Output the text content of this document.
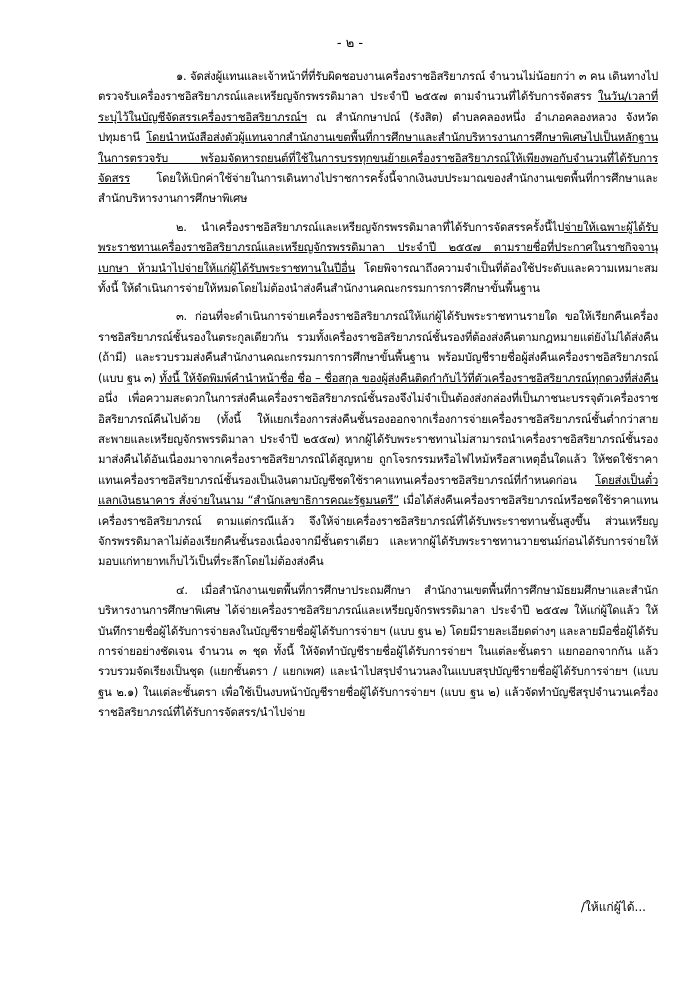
- ๒ -

๑. จัดส่งผู้แทนและเจ้าหน้าที่ที่รับผิดชอบงานเครื่องราชอิสริยาภรณ์ จำนวนไม่น้อยกว่า ๓ คน เดินทางไปตรวจรับเครื่องราชอิสริยาภรณ์และเหรียญจักรพรรดิมาลา ประจำปี ๒๕๕๗ ตามจำนวนที่ได้รับการจัดสรร ในวัน/เวลาที่ระบุไว้ในบัญชีจัดสรรเครื่องราชอิสริยาภรณ์ฯ ณ สำนักกษาปณ์ (รังสิต) ตำบลคลองหนึ่ง อำเภอคลองหลวง จังหวัดปทุมธานี โดยนำหนังสือส่งตัวผู้แทนจากสำนักงานเขตพื้นที่การศึกษาและสำนักบริหารงานการศึกษาพิเศษไปเป็นหลักฐานในการตรวจรับ พร้อมจัดหารถยนต์ที่ใช้ในการบรรทุกขนย้ายเครื่องราชอิสริยาภรณ์ให้เพียงพอกับจำนวนที่ได้รับการจัดสรร โดยให้เบิกค่าใช้จ่ายในการเดินทางไปราชการครั้งนี้จากเงินงบประมาณของสำนักงานเขตพื้นที่การศึกษาและสำนักบริหารงานการศึกษาพิเศษ

๒. นำเครื่องราชอิสริยาภรณ์และเหรียญจักรพรรดิมาลาที่ได้รับการจัดสรรครั้งนี้ไปจ่ายให้เฉพาะผู้ได้รับพระราชทานเครื่องราชอิสริยาภรณ์และเหรียญจักรพรรดิมาลา ประจำปี ๒๕๕๗ ตามรายชื่อที่ประกาศในราชกิจจานุเบกษา ห้ามนำไปจ่ายให้แก่ผู้ได้รับพระราชทานในปีอื่น โดยพิจารณาถึงความจำเป็นที่ต้องใช้ประดับและความเหมาะสม ทั้งนี้ ให้ดำเนินการจ่ายให้หมดโดยไม่ต้องนำส่งคืนสำนักงานคณะกรรมการการศึกษาขั้นพื้นฐาน

๓. ก่อนที่จะดำเนินการจ่ายเครื่องราชอิสริยาภรณ์ให้แก่ผู้ได้รับพระราชทานรายใด ขอให้เรียกคืนเครื่องราชอิสริยาภรณ์ชั้นรองในตระกูลเดียวกัน รวมทั้งเครื่องราชอิสริยาภรณ์ชั้นรองที่ต้องส่งคืนตามกฎหมายแต่ยังไม่ได้ส่งคืน (ถ้ามี) และรวบรวมส่งคืนสำนักงานคณะกรรมการการศึกษาขั้นพื้นฐาน พร้อมบัญชีรายชื่อผู้ส่งคืนเครื่องราชอิสริยาภรณ์ (แบบ ฐน ๓) ทั้งนี้ ให้จัดพิมพ์คำนำหน้าชื่อ ชื่อ – ชื่อสกุล ของผู้ส่งคืนติดกำกับไว้ที่ตัวเครื่องราชอิสริยาภรณ์ทุกดวงที่ส่งคืน อนึ่ง เพื่อความสะดวกในการส่งคืนเครื่องราชอิสริยาภรณ์ชั้นรองจึงไม่จำเป็นต้องส่งกล่องที่เป็นภาชนะบรรจุตัวเครื่องราชอิสริยาภรณ์คืนไปด้วย (ทั้งนี้ ให้แยกเรื่องการส่งคืนชั้นรองออกจากเรื่องการจ่ายเครื่องราชอิสริยาภรณ์ชั้นต่ำกว่าสายสะพายและเหรียญจักรพรรดิมาลา ประจำปี ๒๕๕๗) หากผู้ได้รับพระราชทานไม่สามารถนำเครื่องราชอิสริยาภรณ์ชั้นรองมาส่งคืนได้อันเนื่องมาจากเครื่องราชอิสริยาภรณ์ได้สูญหาย ถูกโจรกรรมหรือไฟไหม้หรือสาเหตุอื่นใดแล้ว ให้ชดใช้ราคาแทนเครื่องราชอิสริยาภรณ์ชั้นรองเป็นเงินตามบัญชีชดใช้ราคาแทนเครื่องราชอิสริยาภรณ์ที่กำหนดก่อน โดยส่งเป็นตั๋วแลกเงินธนาคาร สั่งจ่ายในนาม “สำนักเลขาธิการคณะรัฐมนตรี” เมื่อได้ส่งคืนเครื่องราชอิสริยาภรณ์หรือชดใช้ราคาแทนเครื่องราชอิสริยาภรณ์ ตามแต่กรณีแล้ว จึงให้จ่ายเครื่องราชอิสริยาภรณ์ที่ได้รับพระราชทานชั้นสูงขึ้น ส่วนเหรียญจักรพรรดิมาลาไม่ต้องเรียกคืนชั้นรองเนื่องจากมีชั้นตราเดียว และหากผู้ได้รับพระราชทานวายชนม์ก่อนได้รับการจ่ายให้มอบแก่ทายาทเก็บไว้เป็นที่ระลึกโดยไม่ต้องส่งคืน

๔. เมื่อสำนักงานเขตพื้นที่การศึกษาประถมศึกษา สำนักงานเขตพื้นที่การศึกษามัธยมศึกษาและสำนักบริหารงานการศึกษาพิเศษ ได้จ่ายเครื่องราชอิสริยาภรณ์และเหรียญจักรพรรดิมาลา ประจำปี ๒๕๕๗ ให้แก่ผู้ใดแล้ว ให้บันทึกรายชื่อผู้ได้รับการจ่ายลงในบัญชีรายชื่อผู้ได้รับการจ่ายฯ (แบบ ฐน ๒) โดยมีรายละเอียดต่างๆ และลายมือชื่อผู้ได้รับการจ่ายอย่างชัดเจน จำนวน ๓ ชุด ทั้งนี้ ให้จัดทำบัญชีรายชื่อผู้ได้รับการจ่ายฯ ในแต่ละชั้นตรา แยกออกจากกัน แล้วรวบรวมจัดเรียงเป็นชุด (แยกชั้นตรา / แยกเพศ) และนำไปสรุปจำนวนลงในแบบสรุปบัญชีรายชื่อผู้ได้รับการจ่ายฯ (แบบ ฐน ๒.๑) ในแต่ละชั้นตรา เพื่อใช้เป็นงบหน้าบัญชีรายชื่อผู้ได้รับการจ่ายฯ (แบบ ฐน ๒) แล้วจัดทำบัญชีสรุปจำนวนเครื่องราชอิสริยาภรณ์ที่ได้รับการจัดสรร/นำไปจ่าย

/ให้แก่ผู้ได้...
